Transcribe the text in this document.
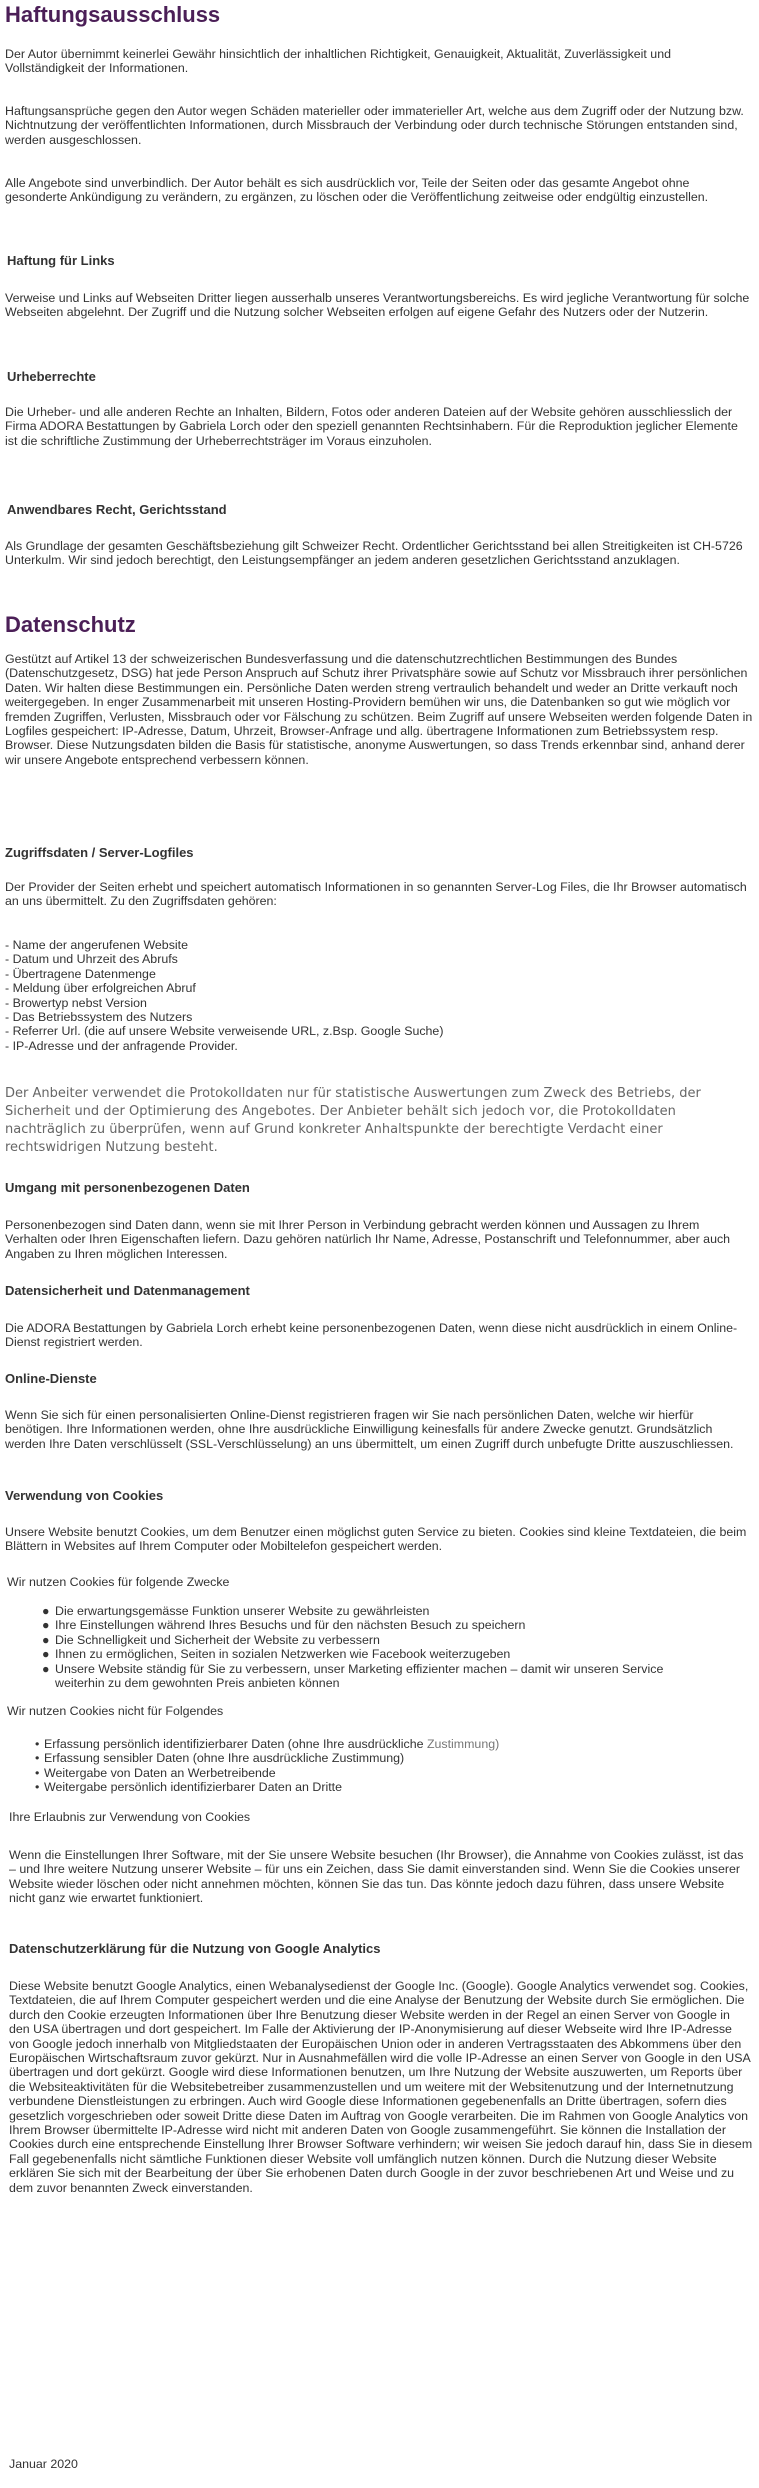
Haftungsausschluss

Der Autor übernimmt keinerlei Gewähr hinsichtlich der inhaltlichen Richtigkeit, Genauigkeit, Aktualität, Zuverlässigkeit und Vollständigkeit der Informationen.

Haftungsansprüche gegen den Autor wegen Schäden materieller oder immaterieller Art, welche aus dem Zugriff oder der Nutzung bzw. Nichtnutzung der veröffentlichten Informationen, durch Missbrauch der Verbindung oder durch technische Störungen entstanden sind, werden ausgeschlossen.

Alle Angebote sind unverbindlich. Der Autor behält es sich ausdrücklich vor, Teile der Seiten oder das gesamte Angebot ohne gesonderte Ankündigung zu verändern, zu ergänzen, zu löschen oder die Veröffentlichung zeitweise oder endgültig einzustellen.

Haftung für Links

Verweise und Links auf Webseiten Dritter liegen ausserhalb unseres Verantwortungsbereichs. Es wird jegliche Verantwortung für solche Webseiten abgelehnt. Der Zugriff und die Nutzung solcher Webseiten erfolgen auf eigene Gefahr des Nutzers oder der Nutzerin.

Urheberrechte

Die Urheber- und alle anderen Rechte an Inhalten, Bildern, Fotos oder anderen Dateien auf der Website gehören ausschliesslich der Firma ADORA Bestattungen by Gabriela Lorch oder den speziell genannten Rechtsinhabern. Für die Reproduktion jeglicher Elemente ist die schriftliche Zustimmung der Urheberrechtsträger im Voraus einzuholen.

Anwendbares Recht, Gerichtsstand

Als Grundlage der gesamten Geschäftsbeziehung gilt Schweizer Recht. Ordentlicher Gerichtsstand bei allen Streitigkeiten ist CH-5726 Unterkulm. Wir sind jedoch berechtigt, den Leistungsempfänger an jedem anderen gesetzlichen Gerichtsstand anzuklagen.

Datenschutz

Gestützt auf Artikel 13 der schweizerischen Bundesverfassung und die datenschutzrechtlichen Bestimmungen des Bundes (Datenschutzgesetz, DSG) hat jede Person Anspruch auf Schutz ihrer Privatsphäre sowie auf Schutz vor Missbrauch ihrer persönlichen Daten. Wir halten diese Bestimmungen ein. Persönliche Daten werden streng vertraulich behandelt und weder an Dritte verkauft noch weitergegeben. In enger Zusammenarbeit mit unseren Hosting-Providern bemühen wir uns, die Datenbanken so gut wie möglich vor fremden Zugriffen, Verlusten, Missbrauch oder vor Fälschung zu schützen. Beim Zugriff auf unsere Webseiten werden folgende Daten in Logfiles gespeichert: IP-Adresse, Datum, Uhrzeit, Browser-Anfrage und allg. übertragene Informationen zum Betriebssystem resp. Browser. Diese Nutzungsdaten bilden die Basis für statistische, anonyme Auswertungen, so dass Trends erkennbar sind, anhand derer wir unsere Angebote entsprechend verbessern können.

Zugriffsdaten / Server-Logfiles

Der Provider der Seiten erhebt und speichert automatisch Informationen in so genannten Server-Log Files, die Ihr Browser automatisch an uns übermittelt. Zu den Zugriffsdaten gehören:

- Name der angerufenen Website
- Datum und Uhrzeit des Abrufs
- Übertragene Datenmenge
- Meldung über erfolgreichen Abruf
- Browertyp nebst Version
- Das Betriebssystem des Nutzers
- Referrer Url. (die auf unsere Website verweisende URL, z.Bsp. Google Suche)
- IP-Adresse und der anfragende Provider.

Der Anbeiter verwendet die Protokolldaten nur für statistische Auswertungen zum Zweck des Betriebs, der Sicherheit und der Optimierung des Angebotes. Der Anbieter behält sich jedoch vor, die Protokolldaten nachträglich zu überprüfen, wenn auf Grund konkreter Anhaltspunkte der berechtigte Verdacht einer rechtswidrigen Nutzung besteht.

Umgang mit personenbezogenen Daten

Personenbezogen sind Daten dann, wenn sie mit Ihrer Person in Verbindung gebracht werden können und Aussagen zu Ihrem Verhalten oder Ihren Eigenschaften liefern. Dazu gehören natürlich Ihr Name, Adresse, Postanschrift und Telefonnummer, aber auch Angaben zu Ihren möglichen Interessen.

Datensicherheit und Datenmanagement

Die ADORA Bestattungen by Gabriela Lorch erhebt keine personenbezogenen Daten, wenn diese nicht ausdrücklich in einem Online-Dienst registriert werden.

Online-Dienste

Wenn Sie sich für einen personalisierten Online-Dienst registrieren fragen wir Sie nach persönlichen Daten, welche wir hierfür benötigen. Ihre Informationen werden, ohne Ihre ausdrückliche Einwilligung keinesfalls für andere Zwecke genutzt. Grundsätzlich werden Ihre Daten verschlüsselt (SSL-Verschlüsselung) an uns übermittelt, um einen Zugriff durch unbefugte Dritte auszuschliessen.

Verwendung von Cookies

Unsere Website benutzt Cookies, um dem Benutzer einen möglichst guten Service zu bieten. Cookies sind kleine Textdateien, die beim Blättern in Websites auf Ihrem Computer oder Mobiltelefon gespeichert werden.

Wir nutzen Cookies für folgende Zwecke
● Die erwartungsgemässe Funktion unserer Website zu gewährleisten
● Ihre Einstellungen während Ihres Besuchs und für den nächsten Besuch zu speichern
● Die Schnelligkeit und Sicherheit der Website zu verbessern
● Ihnen zu ermöglichen, Seiten in sozialen Netzwerken wie Facebook weiterzugeben
● Unsere Website ständig für Sie zu verbessern, unser Marketing effizienter machen – damit wir unseren Service weiterhin zu dem gewohnten Preis anbieten können
Wir nutzen Cookies nicht für Folgendes
• Erfassung persönlich identifizierbarer Daten (ohne Ihre ausdrückliche Zustimmung)
• Erfassung sensibler Daten (ohne Ihre ausdrückliche Zustimmung)
• Weitergabe von Daten an Werbetreibende
• Weitergabe persönlich identifizierbarer Daten an Dritte
Ihre Erlaubnis zur Verwendung von Cookies

Wenn die Einstellungen Ihrer Software, mit der Sie unsere Website besuchen (Ihr Browser), die Annahme von Cookies zulässt, ist das – und Ihre weitere Nutzung unserer Website – für uns ein Zeichen, dass Sie damit einverstanden sind. Wenn Sie die Cookies unserer Website wieder löschen oder nicht annehmen möchten, können Sie das tun. Das könnte jedoch dazu führen, dass unsere Website nicht ganz wie erwartet funktioniert.

Datenschutzerklärung für die Nutzung von Google Analytics

Diese Website benutzt Google Analytics, einen Webanalysedienst der Google Inc. (Google). Google Analytics verwendet sog. Cookies, Textdateien, die auf Ihrem Computer gespeichert werden und die eine Analyse der Benutzung der Website durch Sie ermöglichen. Die durch den Cookie erzeugten Informationen über Ihre Benutzung dieser Website werden in der Regel an einen Server von Google in den USA übertragen und dort gespeichert. Im Falle der Aktivierung der IP-Anonymisierung auf dieser Webseite wird Ihre IP-Adresse von Google jedoch innerhalb von Mitgliedstaaten der Europäischen Union oder in anderen Vertragsstaaten des Abkommens über den Europäischen Wirtschaftsraum zuvor gekürzt. Nur in Ausnahmefällen wird die volle IP-Adresse an einen Server von Google in den USA übertragen und dort gekürzt. Google wird diese Informationen benutzen, um Ihre Nutzung der Website auszuwerten, um Reports über die Websiteaktivitäten für die Websitebetreiber zusammenzustellen und um weitere mit der Websitenutzung und der Internetnutzung verbundene Dienstleistungen zu erbringen. Auch wird Google diese Informationen gegebenenfalls an Dritte übertragen, sofern dies gesetzlich vorgeschrieben oder soweit Dritte diese Daten im Auftrag von Google verarbeiten. Die im Rahmen von Google Analytics von Ihrem Browser übermittelte IP-Adresse wird nicht mit anderen Daten von Google zusammengeführt. Sie können die Installation der Cookies durch eine entsprechende Einstellung Ihrer Browser Software verhindern; wir weisen Sie jedoch darauf hin, dass Sie in diesem Fall gegebenenfalls nicht sämtliche Funktionen dieser Website voll umfänglich nutzen können. Durch die Nutzung dieser Website erklären Sie sich mit der Bearbeitung der über Sie erhobenen Daten durch Google in der zuvor beschriebenen Art und Weise und zu dem zuvor benannten Zweck einverstanden.

Januar 2020
